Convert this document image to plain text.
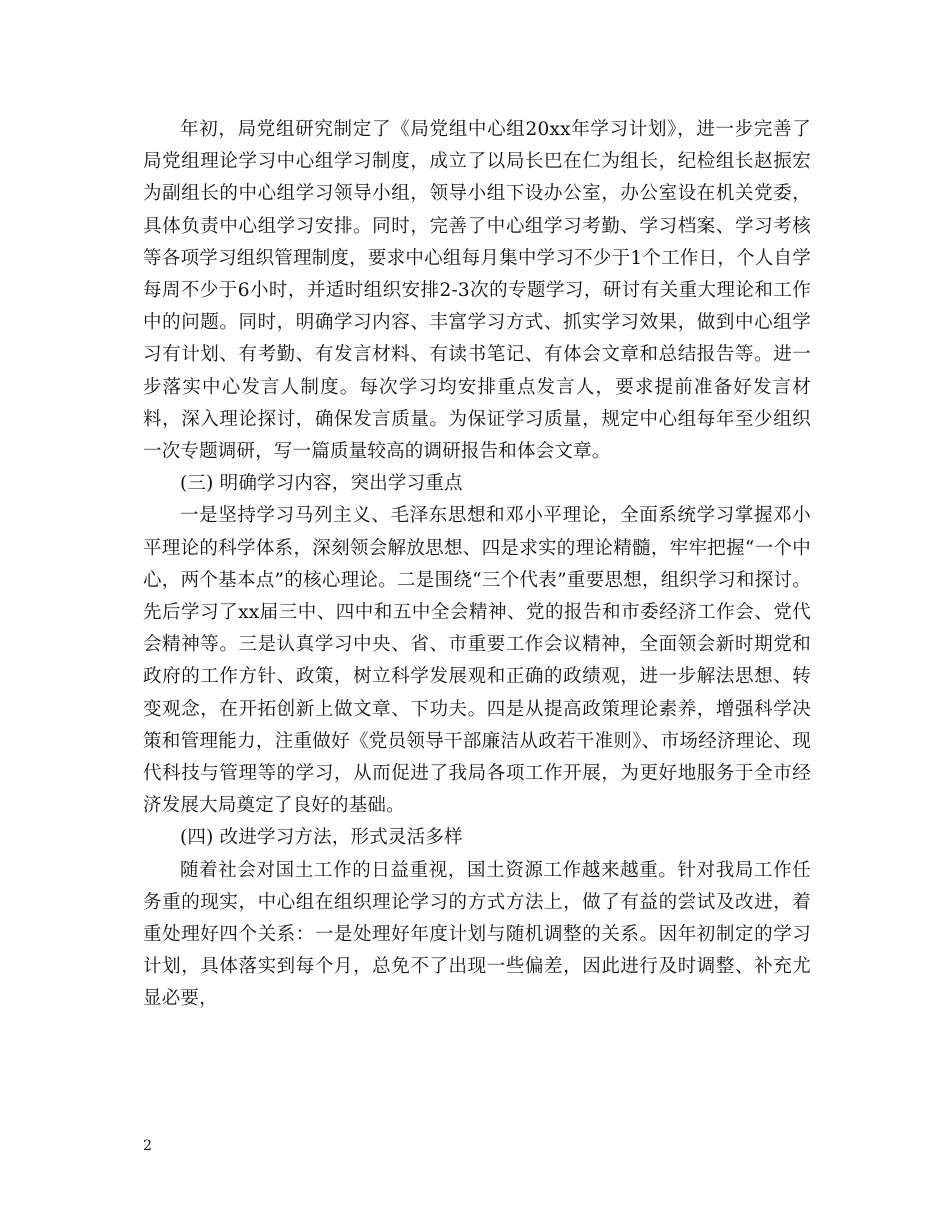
年初，局党组研究制定了《局党组中心组20xx年学习计划》，进一步完善了局党组理论学习中心组学习制度，成立了以局长巴在仁为组长，纪检组长赵振宏为副组长的中心组学习领导小组，领导小组下设办公室，办公室设在机关党委，具体负责中心组学习安排。同时，完善了中心组学习考勤、学习档案、学习考核等各项学习组织管理制度，要求中心组每月集中学习不少于1个工作日，个人自学每周不少于6小时，并适时组织安排2-3次的专题学习，研讨有关重大理论和工作中的问题。同时，明确学习内容、丰富学习方式、抓实学习效果，做到中心组学习有计划、有考勤、有发言材料、有读书笔记、有体会文章和总结报告等。进一步落实中心发言人制度。每次学习均安排重点发言人，要求提前准备好发言材料，深入理论探讨，确保发言质量。为保证学习质量，规定中心组每年至少组织一次专题调研，写一篇质量较高的调研报告和体会文章。

(三) 明确学习内容，突出学习重点

一是坚持学习马列主义、毛泽东思想和邓小平理论，全面系统学习掌握邓小平理论的科学体系，深刻领会解放思想、四是求实的理论精髓，牢牢把握“一个中心，两个基本点”的核心理论。二是围绕“三个代表”重要思想，组织学习和探讨。先后学习了xx届三中、四中和五中全会精神、党的报告和市委经济工作会、党代会精神等。三是认真学习中央、省、市重要工作会议精神，全面领会新时期党和政府的工作方针、政策，树立科学发展观和正确的政绩观，进一步解法思想、转变观念，在开拓创新上做文章、下功夫。四是从提高政策理论素养，增强科学决策和管理能力，注重做好《党员领导干部廉洁从政若干准则》、市场经济理论、现代科技与管理等的学习，从而促进了我局各项工作开展，为更好地服务于全市经济发展大局奠定了良好的基础。

(四) 改进学习方法，形式灵活多样

随着社会对国土工作的日益重视，国土资源工作越来越重。针对我局工作任务重的现实，中心组在组织理论学习的方式方法上，做了有益的尝试及改进，着重处理好四个关系：一是处理好年度计划与随机调整的关系。因年初制定的学习计划，具体落实到每个月，总免不了出现一些偏差，因此进行及时调整、补充尤显必要，

2
